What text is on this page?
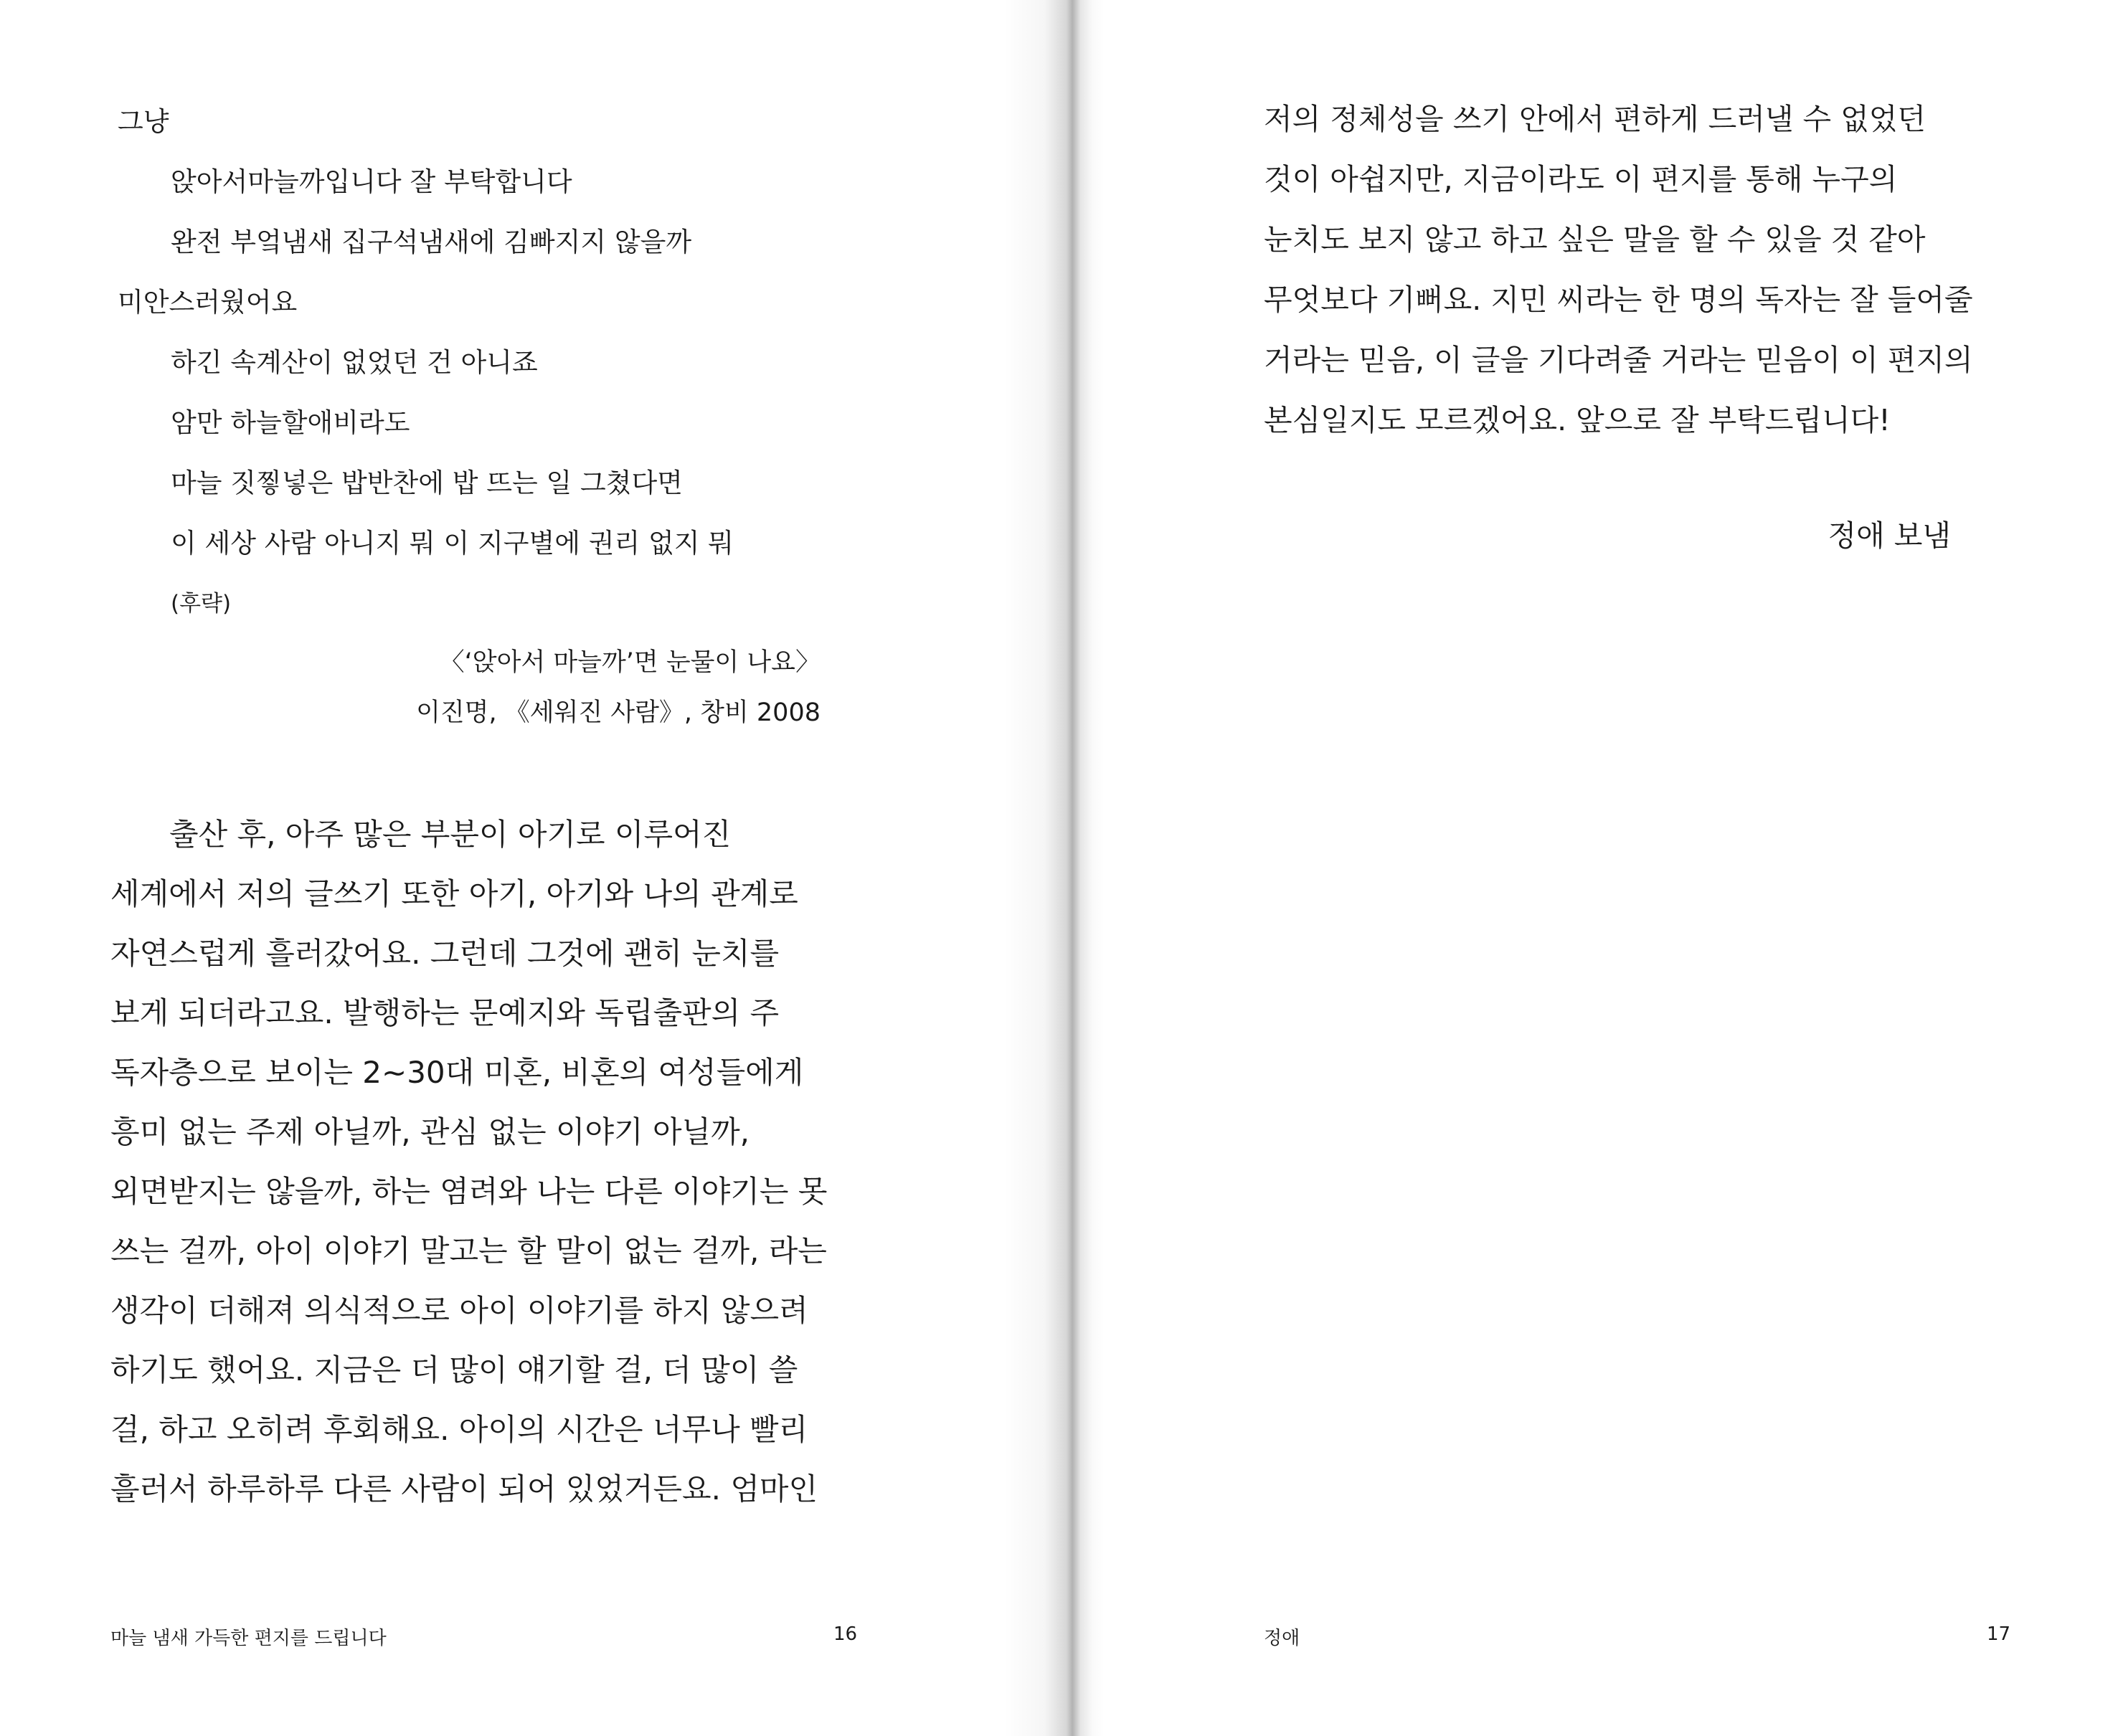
그냥
앉아서마늘까입니다 잘 부탁합니다
완전 부엌냄새 집구석냄새에 김빠지지 않을까
미안스러웠어요
하긴 속계산이 없었던 건 아니죠
암만 하늘할애비라도
마늘 짓찧넣은 밥반찬에 밥 뜨는 일 그쳤다면
이 세상 사람 아니지 뭐 이 지구별에 권리 없지 뭐
(후략)
〈‘앉아서 마늘까’면 눈물이 나요〉
이진명, 《세워진 사람》, 창비 2008
출산 후, 아주 많은 부분이 아기로 이루어진
세계에서 저의 글쓰기 또한 아기, 아기와 나의 관계로
자연스럽게 흘러갔어요. 그런데 그것에 괜히 눈치를
보게 되더라고요. 발행하는 문예지와 독립출판의 주
독자층으로 보이는 2~30대 미혼, 비혼의 여성들에게
흥미 없는 주제 아닐까, 관심 없는 이야기 아닐까,
외면받지는 않을까, 하는 염려와 나는 다른 이야기는 못
쓰는 걸까, 아이 이야기 말고는 할 말이 없는 걸까, 라는
생각이 더해져 의식적으로 아이 이야기를 하지 않으려
하기도 했어요. 지금은 더 많이 얘기할 걸, 더 많이 쓸
걸, 하고 오히려 후회해요. 아이의 시간은 너무나 빨리
흘러서 하루하루 다른 사람이 되어 있었거든요. 엄마인
마늘 냄새 가득한 편지를 드립니다	16
저의 정체성을 쓰기 안에서 편하게 드러낼 수 없었던
것이 아쉽지만, 지금이라도 이 편지를 통해 누구의
눈치도 보지 않고 하고 싶은 말을 할 수 있을 것 같아
무엇보다 기뻐요. 지민 씨라는 한 명의 독자는 잘 들어줄
거라는 믿음, 이 글을 기다려줄 거라는 믿음이 이 편지의
본심일지도 모르겠어요. 앞으로 잘 부탁드립니다!
정애 보냄
정애	17
